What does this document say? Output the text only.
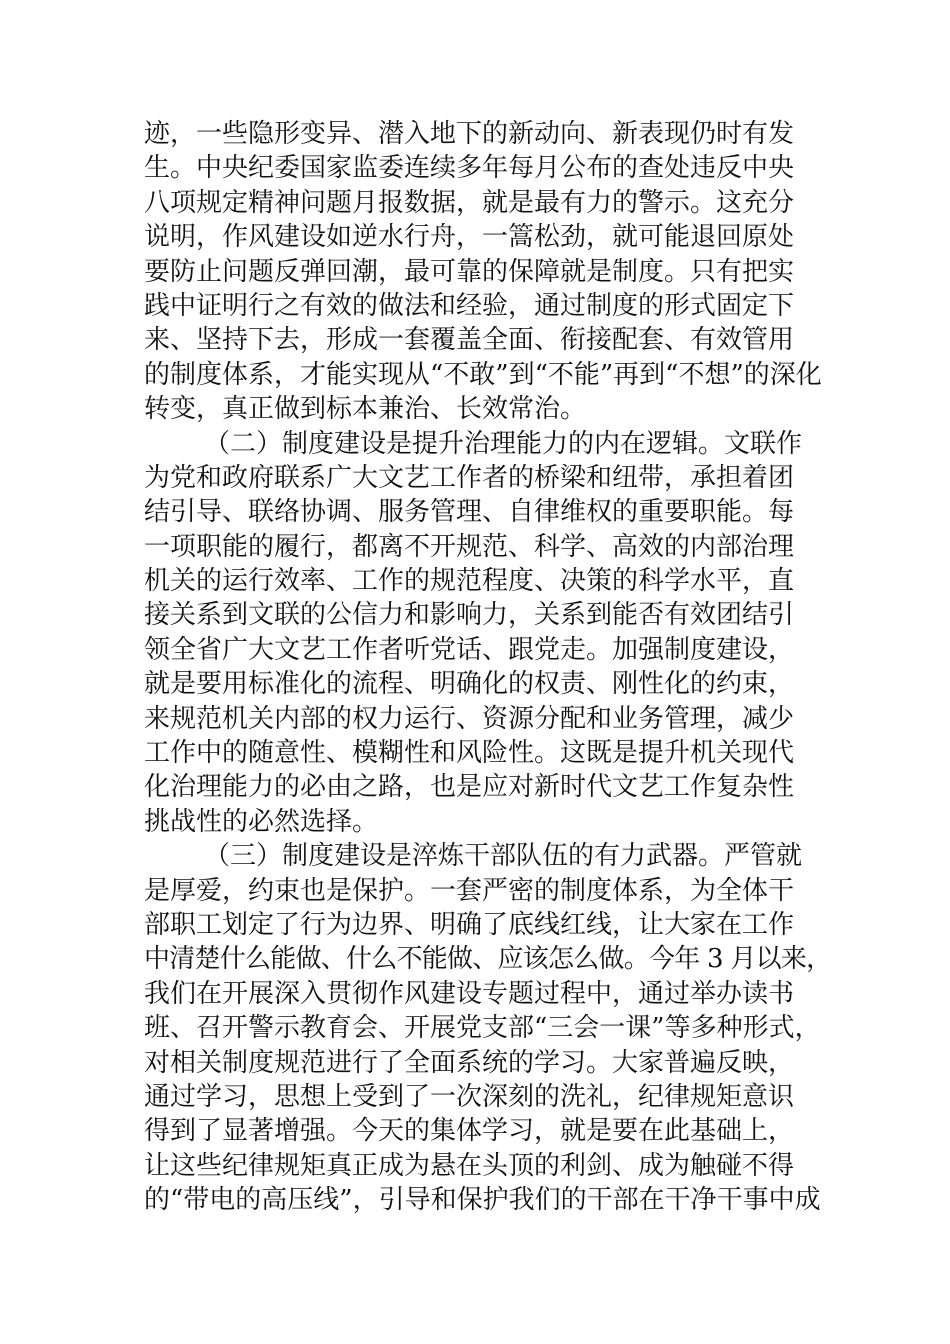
迹，一些隐形变异、潜入地下的新动向、新表现仍时有发
生。中央纪委国家监委连续多年每月公布的查处违反中央
八项规定精神问题月报数据，就是最有力的警示。这充分
说明，作风建设如逆水行舟，一篙松劲，就可能退回原处
要防止问题反弹回潮，最可靠的保障就是制度。只有把实
践中证明行之有效的做法和经验，通过制度的形式固定下
来、坚持下去，形成一套覆盖全面、衔接配套、有效管用
的制度体系，才能实现从“不敢”到“不能”再到“不想”的深化
转变，真正做到标本兼治、长效常治。
（二）制度建设是提升治理能力的内在逻辑。文联作
为党和政府联系广大文艺工作者的桥梁和纽带，承担着团
结引导、联络协调、服务管理、自律维权的重要职能。每
一项职能的履行，都离不开规范、科学、高效的内部治理
机关的运行效率、工作的规范程度、决策的科学水平，直
接关系到文联的公信力和影响力，关系到能否有效团结引
领全省广大文艺工作者听党话、跟党走。加强制度建设，
就是要用标准化的流程、明确化的权责、刚性化的约束，
来规范机关内部的权力运行、资源分配和业务管理，减少
工作中的随意性、模糊性和风险性。这既是提升机关现代
化治理能力的必由之路，也是应对新时代文艺工作复杂性
挑战性的必然选择。
（三）制度建设是淬炼干部队伍的有力武器。严管就
是厚爱，约束也是保护。一套严密的制度体系，为全体干
部职工划定了行为边界、明确了底线红线，让大家在工作
中清楚什么能做、什么不能做、应该怎么做。今年 3 月以来，
我们在开展深入贯彻作风建设专题过程中，通过举办读书
班、召开警示教育会、开展党支部“三会一课”等多种形式，
对相关制度规范进行了全面系统的学习。大家普遍反映，
通过学习，思想上受到了一次深刻的洗礼，纪律规矩意识
得到了显著增强。今天的集体学习，就是要在此基础上，
让这些纪律规矩真正成为悬在头顶的利剑、成为触碰不得
的“带电的高压线”，引导和保护我们的干部在干净干事中成
